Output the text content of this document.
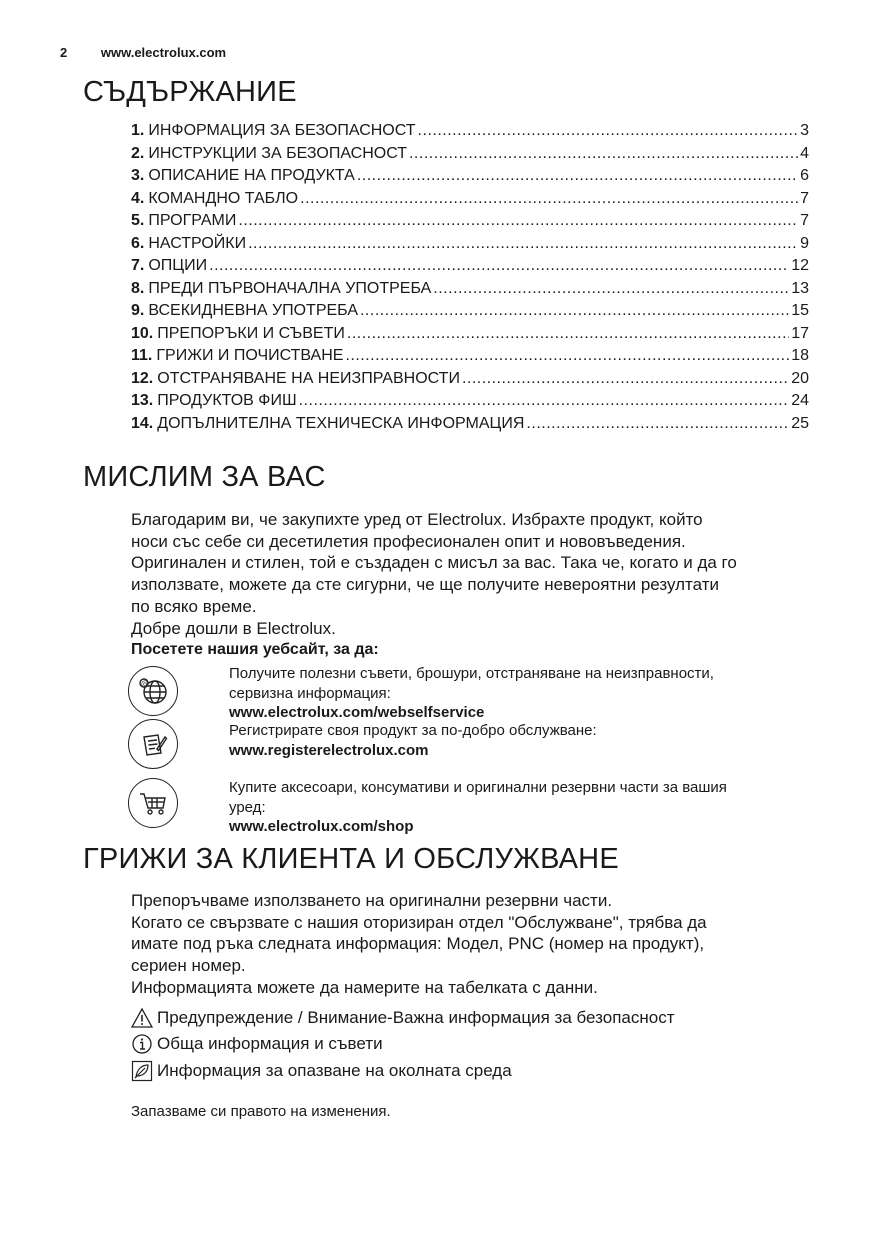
2	www.electrolux.com
СЪДЪРЖАНИЕ
1. ИНФОРМАЦИЯ ЗА БЕЗОПАСНОСТ .....	3
2. ИНСТРУКЦИИ ЗА БЕЗОПАСНОСТ .....	4
3. ОПИСАНИЕ НА ПРОДУКТА .....	6
4. КОМАНДНО ТАБЛО .....	7
5. ПРОГРАМИ .....	7
6. НАСТРОЙКИ .....	9
7. ОПЦИИ .....	12
8. ПРЕДИ ПЪРВОНАЧАЛНА УПОТРЕБА .....	13
9. ВСЕКИДНЕВНА УПОТРЕБА .....	15
10. ПРЕПОРЪКИ И СЪВЕТИ .....	17
11. ГРИЖИ И ПОЧИСТВАНЕ .....	18
12. ОТСТРАНЯВАНЕ НА НЕИЗПРАВНОСТИ .....	20
13. ПРОДУКТОВ ФИШ .....	24
14. ДОПЪЛНИТЕЛНА ТЕХНИЧЕСКА ИНФОРМАЦИЯ .....	25
МИСЛИМ ЗА ВАС

Благодарим ви, че закупихте уред от Electrolux. Избрахте продукт, който

носи със себе си десетилетия професионален опит и нововъведения.

Оригинален и стилен, той е създаден с мисъл за вас. Така че, когато и да го

използвате, можете да сте сигурни, че ще получите невероятни резултати

по всяко време.

Добре дошли в Electrolux.

Посетете нашия уебсайт, за да:

@
Получите полезни съвети, брошури, отстраняване на неизправности,
сервизна информация:
www.electrolux.com/webselfservice
Регистрирате своя продукт за по-добро обслужване:
www.registerelectrolux.com
Купите аксесоари, консумативи и оригинални резервни части за вашия
уред:
www.electrolux.com/shop
ГРИЖИ ЗА КЛИЕНТА И ОБСЛУЖВАНЕ

Препоръчваме използването на оригинални резервни части.

Когато се свързвате с нашия оторизиран отдел "Обслужване", трябва да

имате под ръка следната информация: Модел, PNC (номер на продукт),

сериен номер.

Информацията можете да намерите на табелката с данни.

Предупреждение / Внимание-Важна информация за безопасност
Обща информация и съвети
Информация за опазване на околната среда
Запазваме си правото на изменения.
